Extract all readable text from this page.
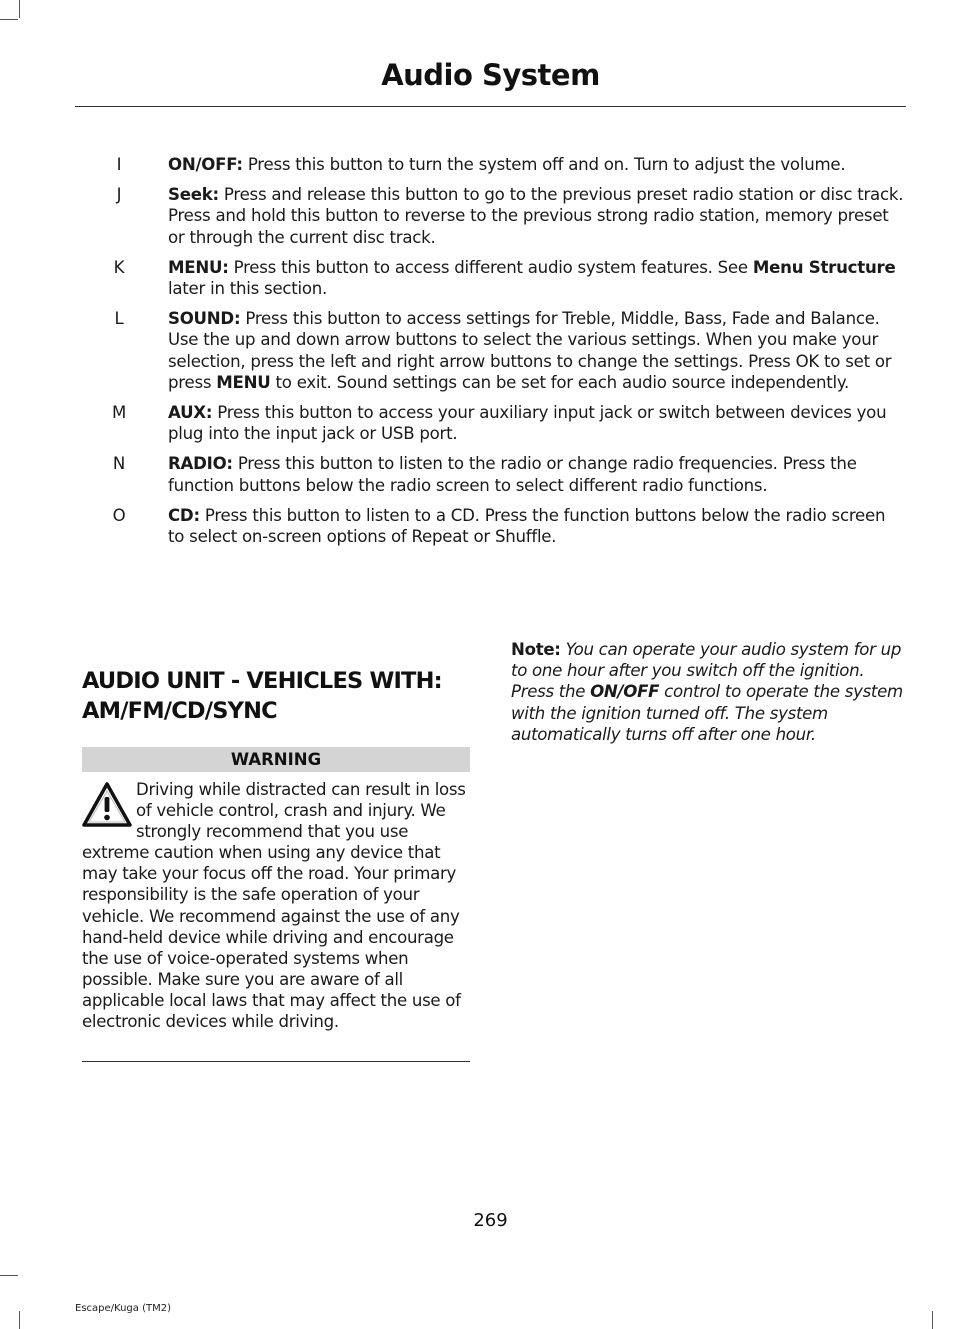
Audio System
I	ON/OFF: Press this button to turn the system off and on. Turn to adjust the volume.
J	Seek: Press and release this button to go to the previous preset radio station or disc track. Press and hold this button to reverse to the previous strong radio station, memory preset or through the current disc track.
K	MENU: Press this button to access different audio system features. See Menu Structure later in this section.
L	SOUND: Press this button to access settings for Treble, Middle, Bass, Fade and Balance. Use the up and down arrow buttons to select the various settings. When you make your selection, press the left and right arrow buttons to change the settings. Press OK to set or press MENU to exit. Sound settings can be set for each audio source independently.
M	AUX: Press this button to access your auxiliary input jack or switch between devices you plug into the input jack or USB port.
N	RADIO: Press this button to listen to the radio or change radio frequencies. Press the function buttons below the radio screen to select different radio functions.
O	CD: Press this button to listen to a CD. Press the function buttons below the radio screen to select on-screen options of Repeat or Shuffle.
AUDIO UNIT - VEHICLES WITH:
AM/FM/CD/SYNC
WARNING
Driving while distracted can result in loss of vehicle control, crash and injury. We strongly recommend that you use extreme caution when using any device that may take your focus off the road. Your primary responsibility is the safe operation of your vehicle. We recommend against the use of any hand-held device while driving and encourage the use of voice-operated systems when possible. Make sure you are aware of all applicable local laws that may affect the use of electronic devices while driving.
Note: You can operate your audio system for up to one hour after you switch off the ignition. Press the ON/OFF control to operate the system with the ignition turned off. The system automatically turns off after one hour.
269
Escape/Kuga (TM2)
